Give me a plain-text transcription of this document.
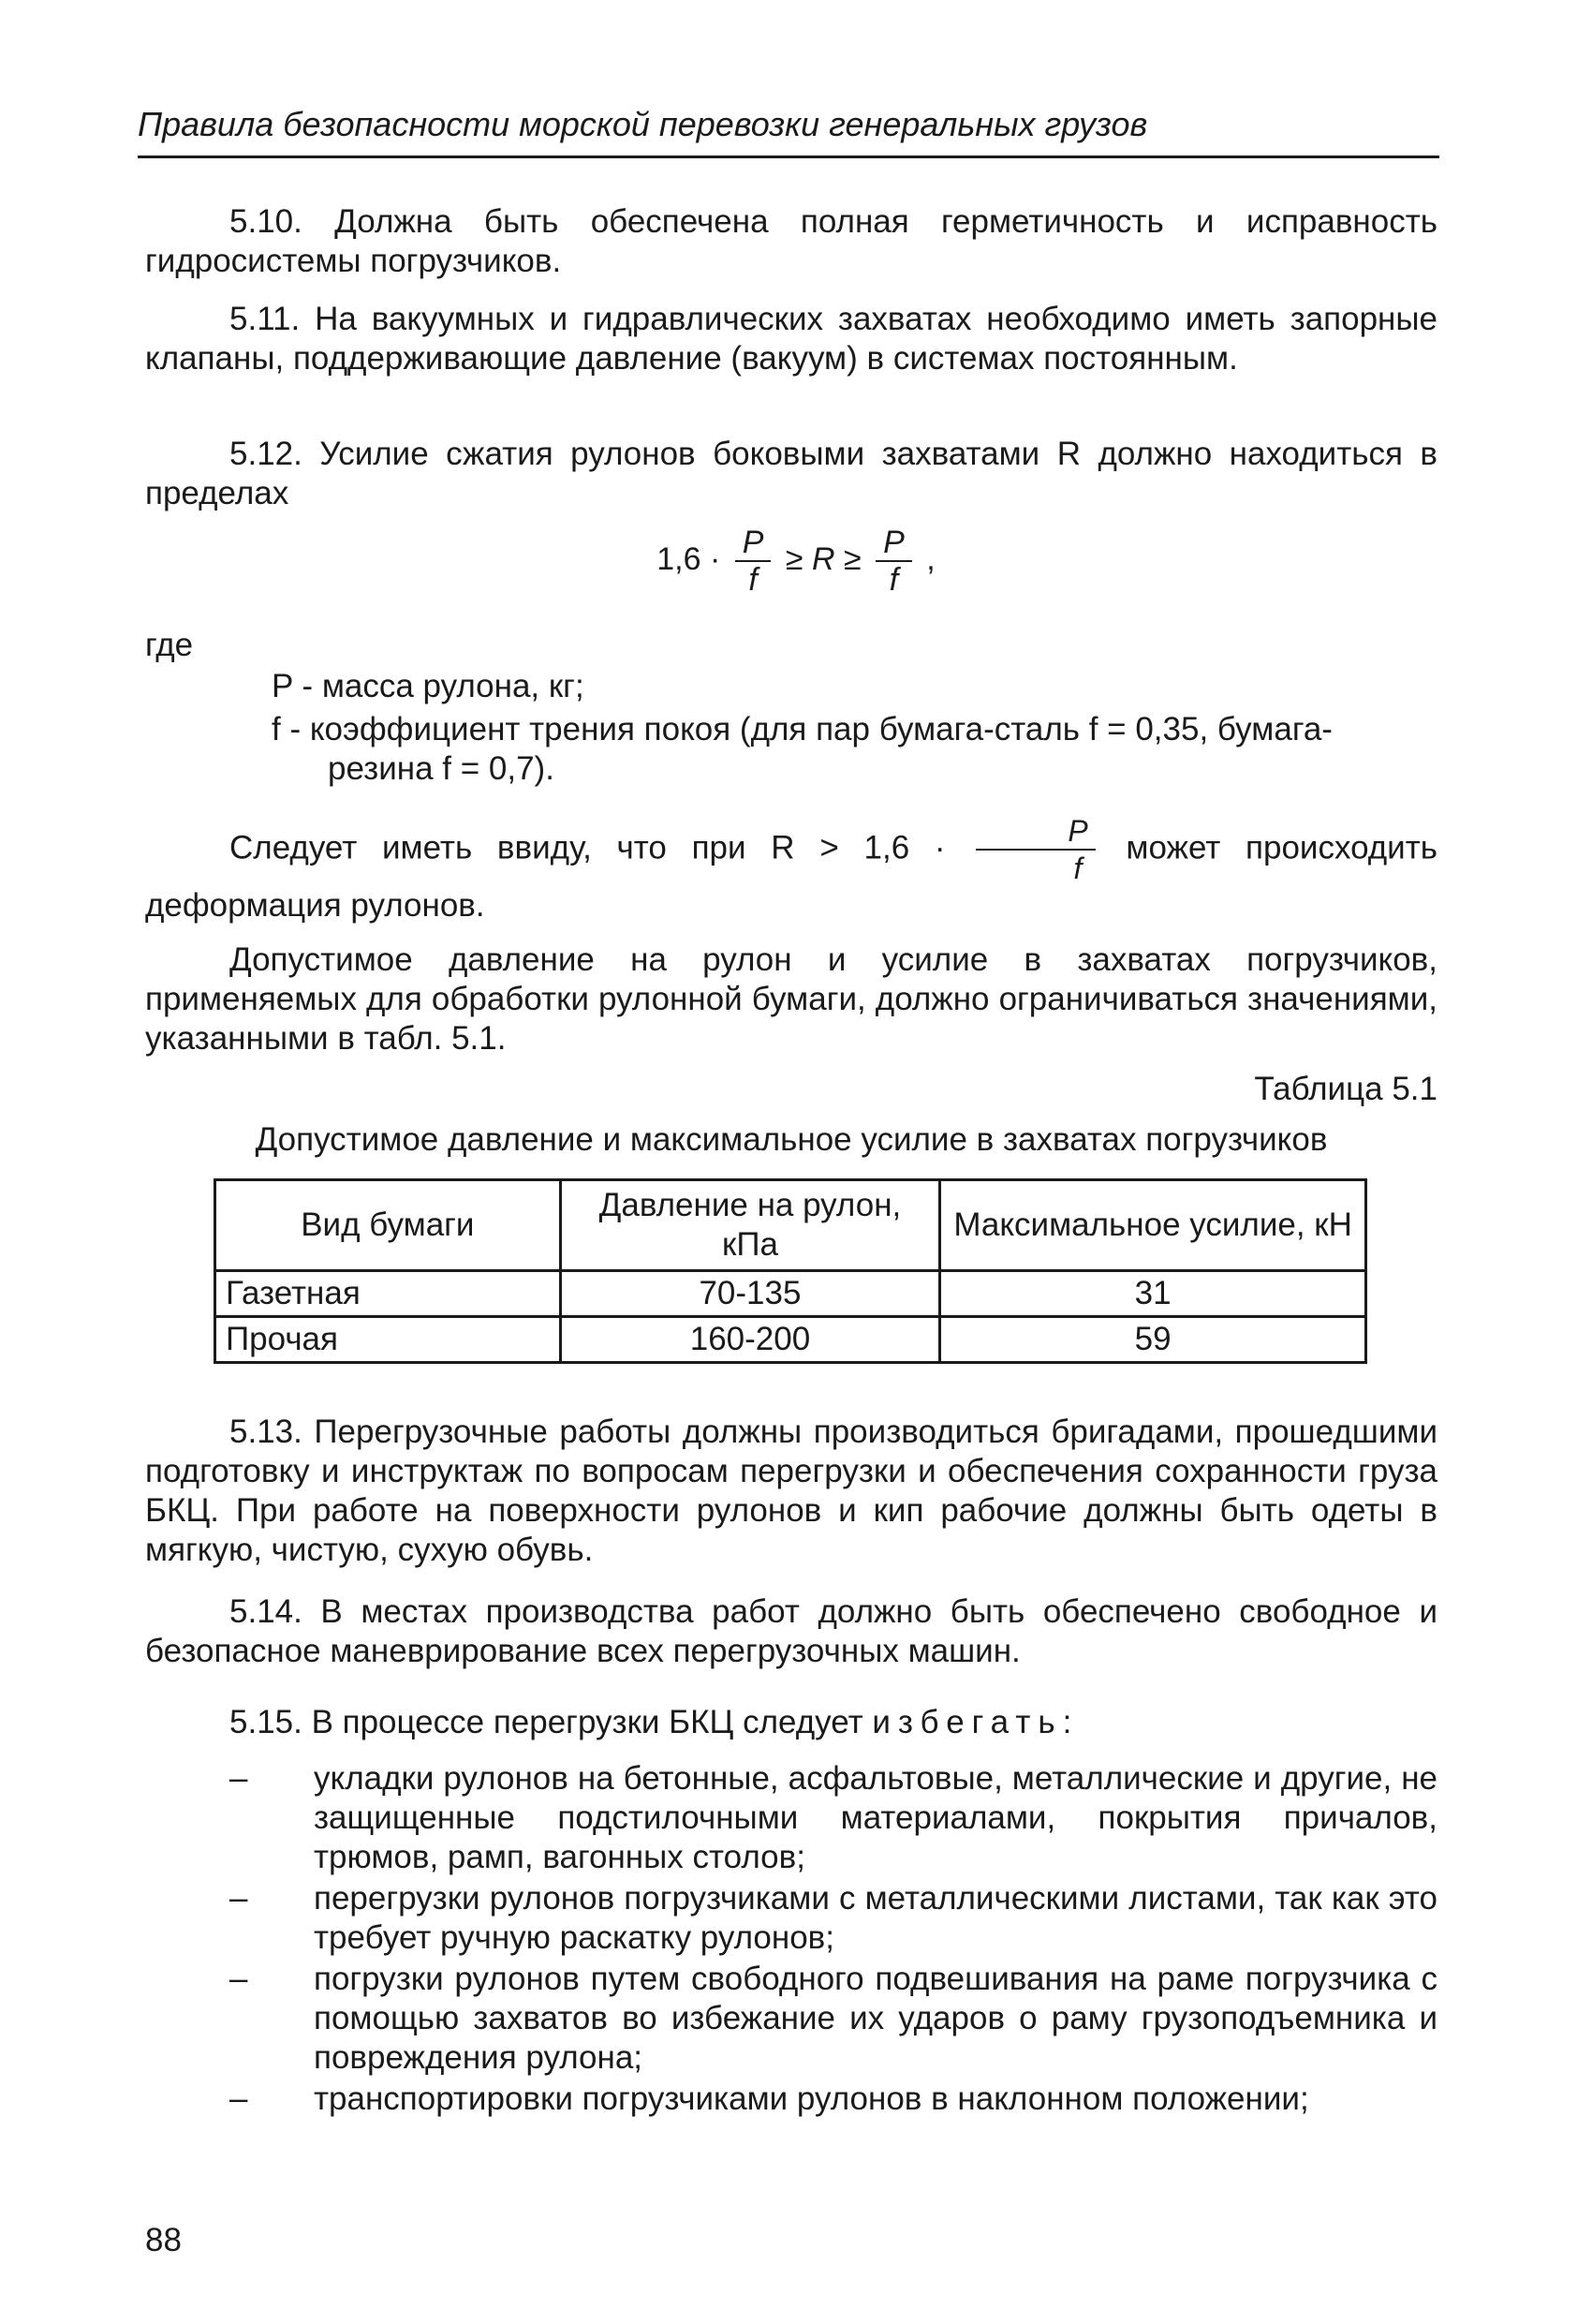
Правила безопасности морской перевозки генеральных грузов

5.10. Должна быть обеспечена полная герметичность и исправность гидросистемы погрузчиков.

5.11. На вакуумных и гидравлических захватах необходимо иметь запорные клапаны, поддерживающие давление (вакуум) в системах постоянным.

5.12. Усилие сжатия рулонов боковыми захватами R должно находиться в пределах

$1,6 \cdot \frac{P}{f} \ge R \ge \frac{P}{f}$ ,
где

P - масса рулона, кг;

f - коэффициент трения покоя (для пар бумага-сталь f = 0,35, бумага-резина f = 0,7).

Следует иметь ввиду, что при $R > 1,6 \cdot \frac{P}{f}$ может происходить деформация рулонов.

Допустимое давление на рулон и усилие в захватах погрузчиков, применяемых для обработки рулонной бумаги, должно ограничиваться значениями, указанными в табл. 5.1.

Таблица 5.1
Допустимое давление и максимальное усилие в захватах погрузчиков
Вид бумаги	Давление на рулон, кПа	Максимальное усилие, кН
Газетная	70-135	31
Прочая	160-200	59

5.13. Перегрузочные работы должны производиться бригадами, прошедшими подготовку и инструктаж по вопросам перегрузки и обеспечения сохранности груза БКЦ. При работе на поверхности рулонов и кип рабочие должны быть одеты в мягкую, чистую, сухую обувь.

5.14. В местах производства работ должно быть обеспечено свободное и безопасное маневрирование всех перегрузочных машин.

5.15. В процессе перегрузки БКЦ следует избегать:

– укладки рулонов на бетонные, асфальтовые, металлические и другие, не защищенные подстилочными материалами, покрытия причалов, трюмов, рамп, вагонных столов;
– перегрузки рулонов погрузчиками с металлическими листами, так как это требует ручную раскатку рулонов;
– погрузки рулонов путем свободного подвешивания на раме погрузчика с помощью захватов во избежание их ударов о раму грузоподъемника и повреждения рулона;
– транспортировки погрузчиками рулонов в наклонном положении;
88
